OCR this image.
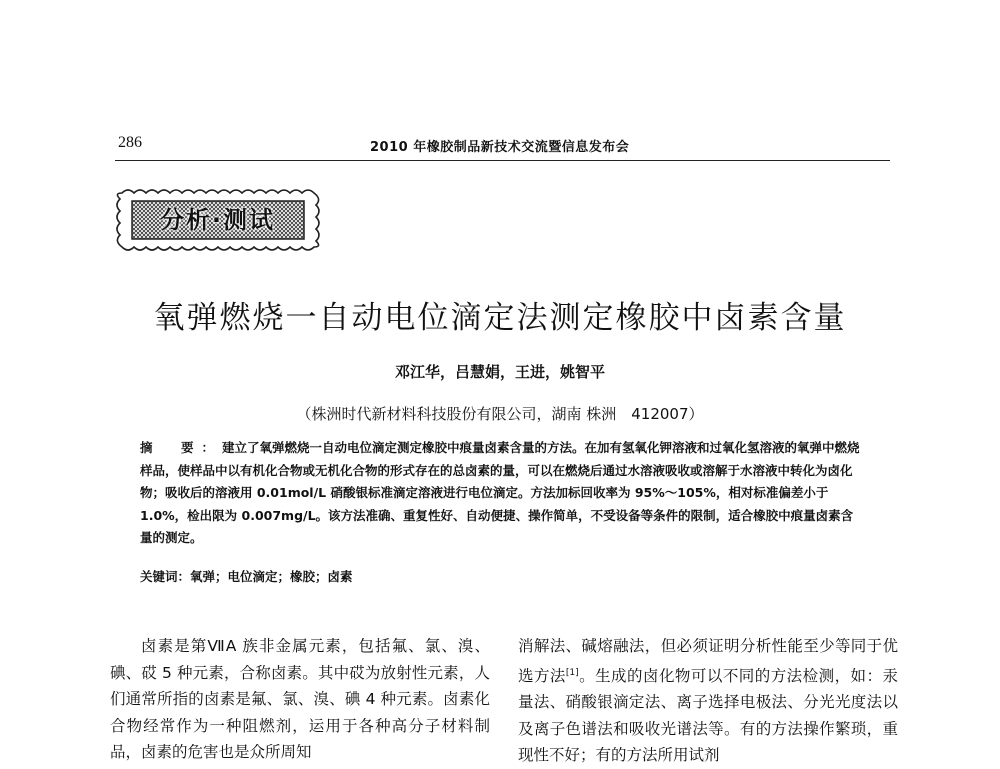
286	2010 年橡胶制品新技术交流暨信息发布会
分析·测试
氧弹燃烧一自动电位滴定法测定橡胶中卤素含量
邓江华，吕慧娟，王进，姚智平
（株洲时代新材料科技股份有限公司，湖南 株洲　412007）
摘　要：建立了氧弹燃烧一自动电位滴定测定橡胶中痕量卤素含量的方法。在加有氢氧化钾溶液和过氧化氢溶液的氧弹中燃烧样品，使样品中以有机化合物或无机化合物的形式存在的总卤素的量，可以在燃烧后通过水溶液吸收或溶解于水溶液中转化为卤化物；吸收后的溶液用 0.01mol/L 硝酸银标准滴定溶液进行电位滴定。方法加标回收率为 95%～105%，相对标准偏差小于 1.0%，检出限为 0.007mg/L。该方法准确、重复性好、自动便捷、操作简单，不受设备等条件的限制，适合橡胶中痕量卤素含量的测定。
关键词：氧弹；电位滴定；橡胶；卤素
卤素是第ⅦA 族非金属元素，包括氟、氯、溴、碘、砹 5 种元素，合称卤素。其中砹为放射性元素，人们通常所指的卤素是氟、氯、溴、碘 4 种元素。卤素化合物经常作为一种阻燃剂，运用于各种高分子材料制品，卤素的危害也是众所周知
消解法、碱熔融法，但必须证明分析性能至少等同于优选方法[1]。生成的卤化物可以不同的方法检测，如：汞量法、硝酸银滴定法、离子选择电极法、分光光度法以及离子色谱法和吸收光谱法等。有的方法操作繁琐，重现性不好；有的方法所用试剂
